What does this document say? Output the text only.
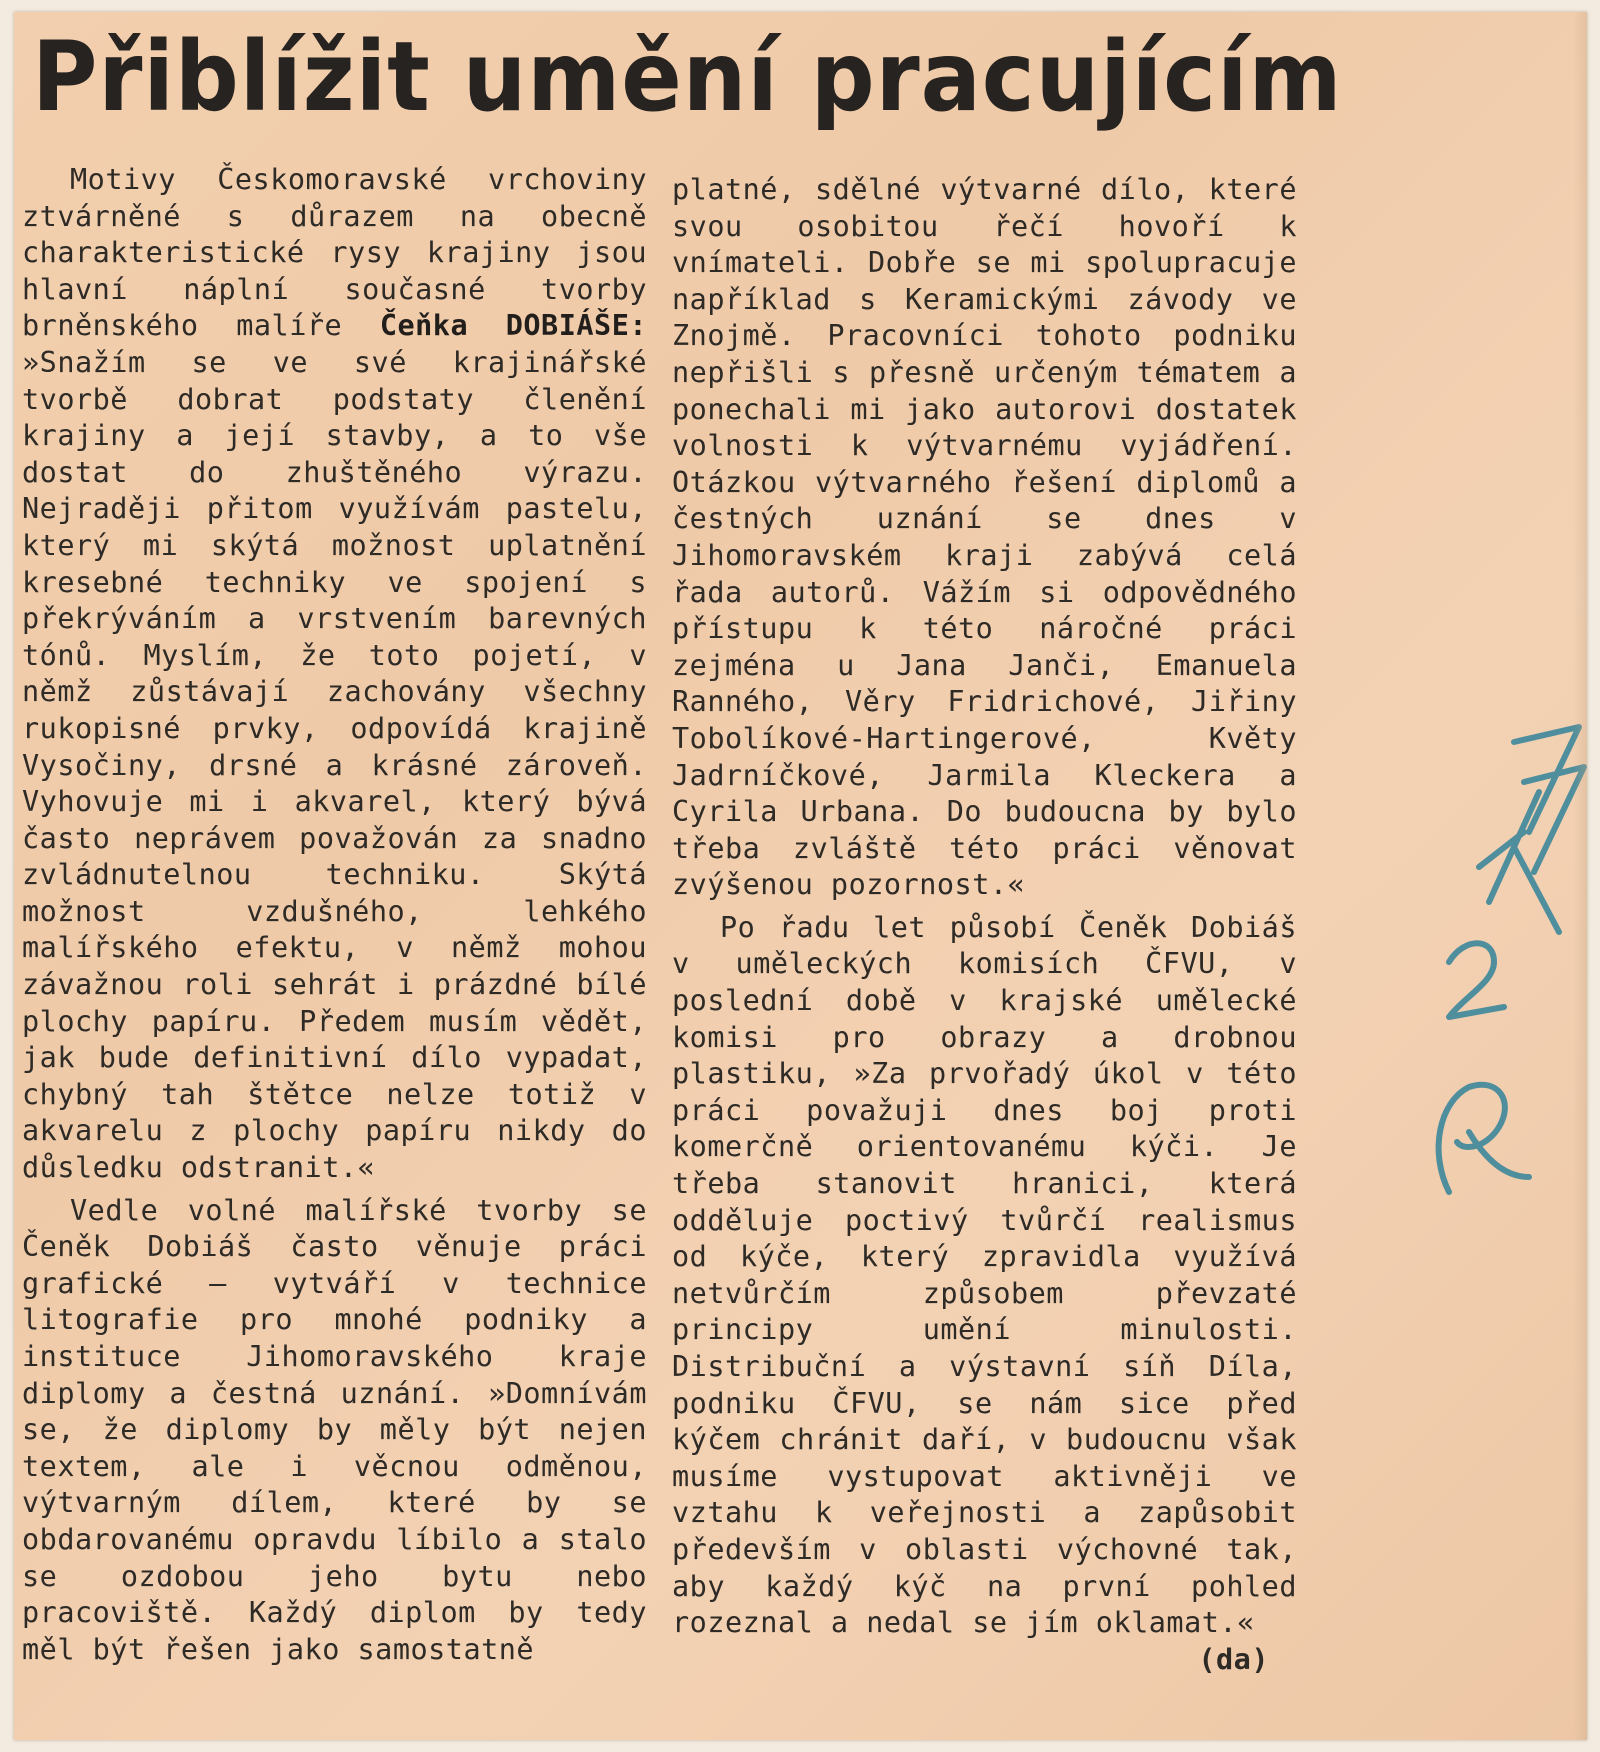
Přiblížit umění pracujícím

Motivy Českomoravské vrchoviny ztvárněné s důrazem na obecně charakteristické rysy krajiny jsou hlavní náplní současné tvorby brněnského malíře Čeňka DOBIÁŠE: »Snažím se ve své krajinářské tvorbě dobrat podstaty členění krajiny a její stavby, a to vše dostat do zhuštěného výrazu. Nejraději přitom využívám pastelu, který mi skýtá možnost uplatnění kresebné techniky ve spojení s překrýváním a vrstvením barevných tónů. Myslím, že toto pojetí, v němž zůstávají zachovány všechny rukopisné prvky, odpovídá krajině Vysočiny, drsné a krásné zároveň. Vyhovuje mi i akvarel, který bývá často neprávem považován za snadno zvládnutelnou techniku. Skýtá možnost vzdušného, lehkého malířského efektu, v němž mohou závažnou roli sehrát i prázdné bílé plochy papíru. Předem musím vědět, jak bude definitivní dílo vypadat, chybný tah štětce nelze totiž v akvarelu z plochy papíru nikdy do důsledku odstranit.«

Vedle volné malířské tvorby se Čeněk Dobiáš často věnuje práci grafické — vytváří v technice litografie pro mnohé podniky a instituce Jihomoravského kraje diplomy a čestná uznání. »Domnívám se, že diplomy by měly být nejen textem, ale i věcnou odměnou, výtvarným dílem, které by se obdarovanému opravdu líbilo a stalo se ozdobou jeho bytu nebo pracoviště. Každý diplom by tedy měl být řešen jako samostatně

platné, sdělné výtvarné dílo, které svou osobitou řečí hovoří k vnímateli. Dobře se mi spolupracuje například s Keramickými závody ve Znojmě. Pracovníci tohoto podniku nepřišli s přesně určeným tématem a ponechali mi jako autorovi dostatek volnosti k výtvarnému vyjádření. Otázkou výtvarného řešení diplomů a čestných uznání se dnes v Jihomoravském kraji zabývá celá řada autorů. Vážím si odpovědného přístupu k této náročné práci zejména u Jana Janči, Emanuela Ranného, Věry Fridrichové, Jiřiny Tobolíkové-Hartingerové, Květy Jadrníčkové, Jarmila Kleckera a Cyrila Urbana. Do budoucna by bylo třeba zvláště této práci věnovat zvýšenou pozornost.«

Po řadu let působí Čeněk Dobiáš v uměleckých komisích ČFVU, v poslední době v krajské umělecké komisi pro obrazy a drobnou plastiku, »Za prvořadý úkol v této práci považuji dnes boj proti komerčně orientovanému kýči. Je třeba stanovit hranici, která odděluje poctivý tvůrčí realismus od kýče, který zpravidla využívá netvůrčím způsobem převzaté principy umění minulosti. Distribuční a výstavní síň Díla, podniku ČFVU, se nám sice před kýčem chránit daří, v budoucnu však musíme vystupovat aktivněji ve vztahu k veřejnosti a zapůsobit především v oblasti výchovné tak, aby každý kýč na první pohled rozeznal a nedal se jím oklamat.«
(da)
